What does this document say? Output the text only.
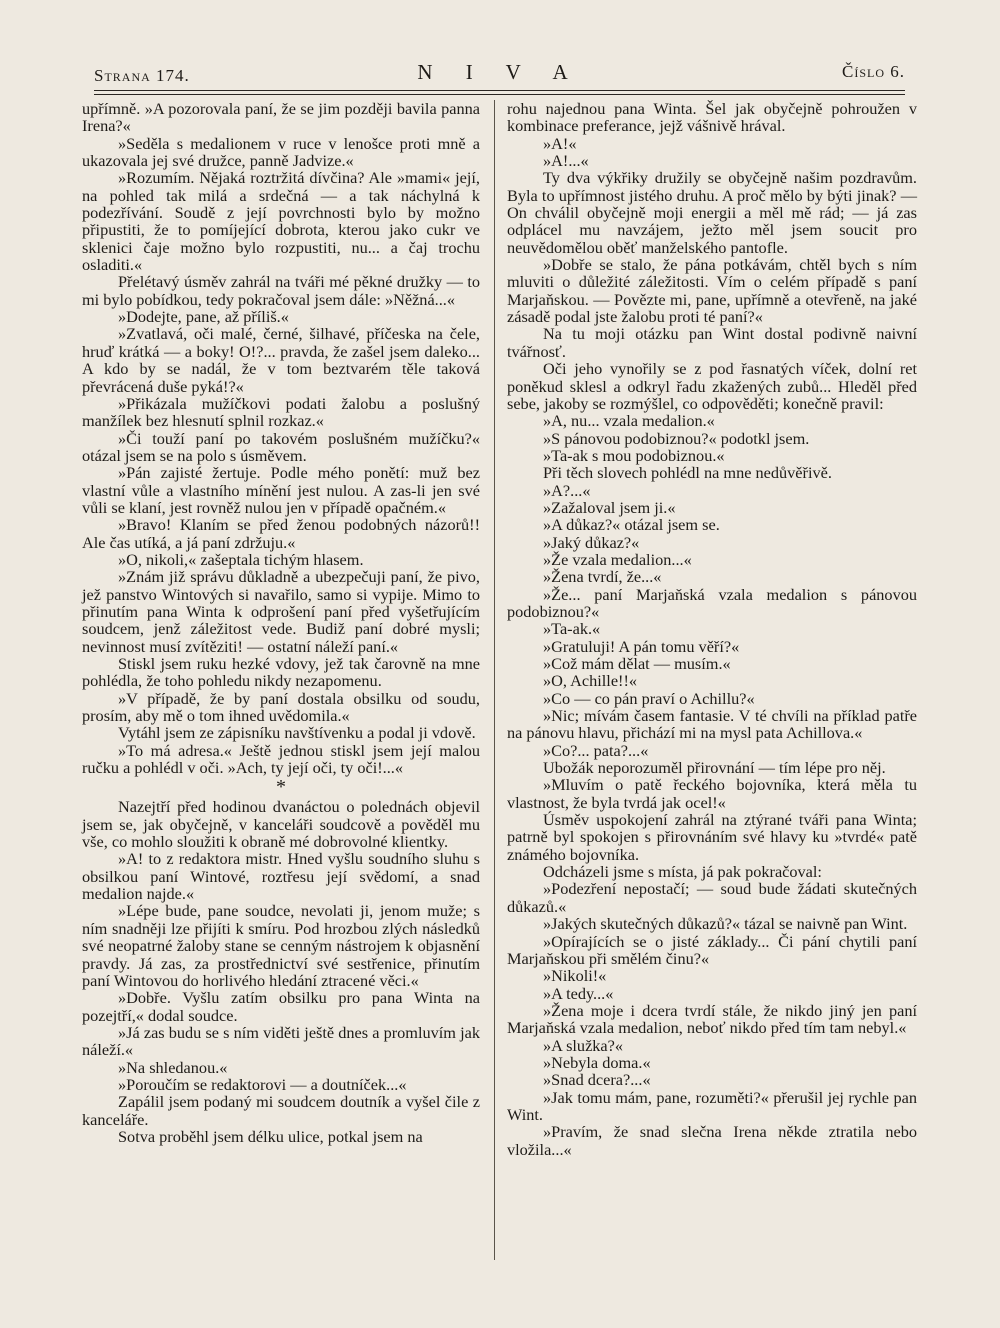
Strana 174.	N I V A	Číslo 6.

upřímně. »A pozorovala paní, že se jim později bavila panna Irena?«

»Seděla s medalionem v ruce v lenošce proti mně a ukazovala jej své družce, panně Jadvize.«

»Rozumím. Nějaká roztržitá dívčina? Ale »mami« její, na pohled tak milá a srdečná — a tak náchylná k podezřívání. Soudě z její povrchnosti bylo by možno připustiti, že to pomíjející dobrota, kterou jako cukr ve sklenici čaje možno bylo rozpustiti, nu... a čaj trochu osladiti.«

Přelétavý úsměv zahrál na tváři mé pěkné družky — to mi bylo pobídkou, tedy pokračoval jsem dále: »Něžná...«

»Dodejte, pane, až příliš.«

»Zvatlavá, oči malé, černé, šilhavé, příčeska na čele, hruď krátká — a boky! O!?... pravda, že zašel jsem daleko... A kdo by se nadál, že v tom beztvarém těle taková převrácená duše pyká!?«

»Přikázala mužíčkovi podati žalobu a poslušný manžílek bez hlesnutí splnil rozkaz.«

»Či touží paní po takovém poslušném mužíčku?« otázal jsem se na polo s úsměvem.

»Pán zajisté žertuje. Podle mého ponětí: muž bez vlastní vůle a vlastního mínění jest nulou. A zas-li jen své vůli se klaní, jest rovněž nulou jen v případě opačném.«

»Bravo! Klaním se před ženou podobných názorů!! Ale čas utíká, a já paní zdržuju.«

»O, nikoli,« zašeptala tichým hlasem.

»Znám již správu důkladně a ubezpečuji paní, že pivo, jež panstvo Wintových si navařilo, samo si vypije. Mimo to přinutím pana Winta k odprošení paní před vyšetřujícím soudcem, jenž záležitost vede. Budiž paní dobré mysli; nevinnost musí zvítěziti! — ostatní náleží paní.«

Stiskl jsem ruku hezké vdovy, jež tak čarovně na mne pohlédla, že toho pohledu nikdy nezapomenu.

»V případě, že by paní dostala obsilku od soudu, prosím, aby mě o tom ihned uvědomila.«

Vytáhl jsem ze zápisníku navštívenku a podal ji vdově.

»To má adresa.« Ještě jednou stiskl jsem její malou ručku a pohlédl v oči. »Ach, ty její oči, ty oči!...«

*

Nazejtří před hodinou dvanáctou o polednách objevil jsem se, jak obyčejně, v kanceláři soudcově a pověděl mu vše, co mohlo sloužiti k obraně mé dobrovolné klientky.

»A! to z redaktora mistr. Hned vyšlu soudního sluhu s obsilkou paní Wintové, roztřesu její svědomí, a snad medalion najde.«

»Lépe bude, pane soudce, nevolati ji, jenom muže; s ním snadněji lze přijíti k smíru. Pod hrozbou zlých následků své neopatrné žaloby stane se cenným nástrojem k objasnění pravdy. Já zas, za prostřednictví své sestřenice, přinutím paní Wintovou do horlivého hledání ztracené věci.«

»Dobře. Vyšlu zatím obsilku pro pana Winta na pozejtří,« dodal soudce.

»Já zas budu se s ním viděti ještě dnes a promluvím jak náleží.«

»Na shledanou.«

»Poroučím se redaktorovi — a doutníček...«

Zapálil jsem podaný mi soudcem doutník a vyšel čile z kanceláře.

Sotva proběhl jsem délku ulice, potkal jsem na

rohu najednou pana Winta. Šel jak obyčejně pohroužen v kombinace preferance, jejž vášnivě hrával.

»A!«

»A!...«

Ty dva výkřiky družily se obyčejně našim pozdravům. Byla to upřímnost jistého druhu. A proč mělo by býti jinak? — On chválil obyčejně moji energii a měl mě rád; — já zas odplácel mu navzájem, ježto měl jsem soucit pro neuvědomělou oběť manželského pantofle.

»Dobře se stalo, že pána potkávám, chtěl bych s ním mluviti o důležité záležitosti. Vím o celém případě s paní Marjaňskou. — Povězte mi, pane, upřímně a otevřeně, na jaké zásadě podal jste žalobu proti té paní?«

Na tu moji otázku pan Wint dostal podivně naivní tvářnosť.

Oči jeho vynořily se z pod řasnatých víček, dolní ret poněkud sklesl a odkryl řadu zkažených zubů... Hleděl před sebe, jakoby se rozmýšlel, co odpověděti; konečně pravil:

»A, nu... vzala medalion.«

»S pánovou podobiznou?« podotkl jsem.

»Ta-ak s mou podobiznou.«

Při těch slovech pohlédl na mne nedůvěřivě.

»A?...«

»Zažaloval jsem ji.«

»A důkaz?« otázal jsem se.

»Jaký důkaz?«

»Že vzala medalion...«

»Žena tvrdí, že...«

»Že... paní Marjaňská vzala medalion s pánovou podobiznou?«

»Ta-ak.«

»Gratuluji! A pán tomu věří?«

»Což mám dělat — musím.«

»O, Achille!!«

»Co — co pán praví o Achillu?«

»Nic; mívám časem fantasie. V té chvíli na příklad patře na pánovu hlavu, přichází mi na mysl pata Achillova.«

»Co?... pata?...«

Ubožák neporozuměl přirovnání — tím lépe pro něj.

»Mluvím o patě řeckého bojovníka, která měla tu vlastnost, že byla tvrdá jak ocel!«

Úsměv uspokojení zahrál na ztýrané tváři pana Winta; patrně byl spokojen s přirovnáním své hlavy ku »tvrdé« patě známého bojovníka.

Odcházeli jsme s místa, já pak pokračoval:

»Podezření nepostačí; — soud bude žádati skutečných důkazů.«

»Jakých skutečných důkazů?« tázal se naivně pan Wint.

»Opírajících se o jisté základy... Či pání chytili paní Marjaňskou při smělém činu?«

»Nikoli!«

»A tedy...«

»Žena moje i dcera tvrdí stále, že nikdo jiný jen paní Marjaňská vzala medalion, neboť nikdo před tím tam nebyl.«

»A služka?«

»Nebyla doma.«

»Snad dcera?...«

»Jak tomu mám, pane, rozuměti?« přerušil jej rychle pan Wint.

»Pravím, že snad slečna Irena někde ztratila nebo vložila...«
